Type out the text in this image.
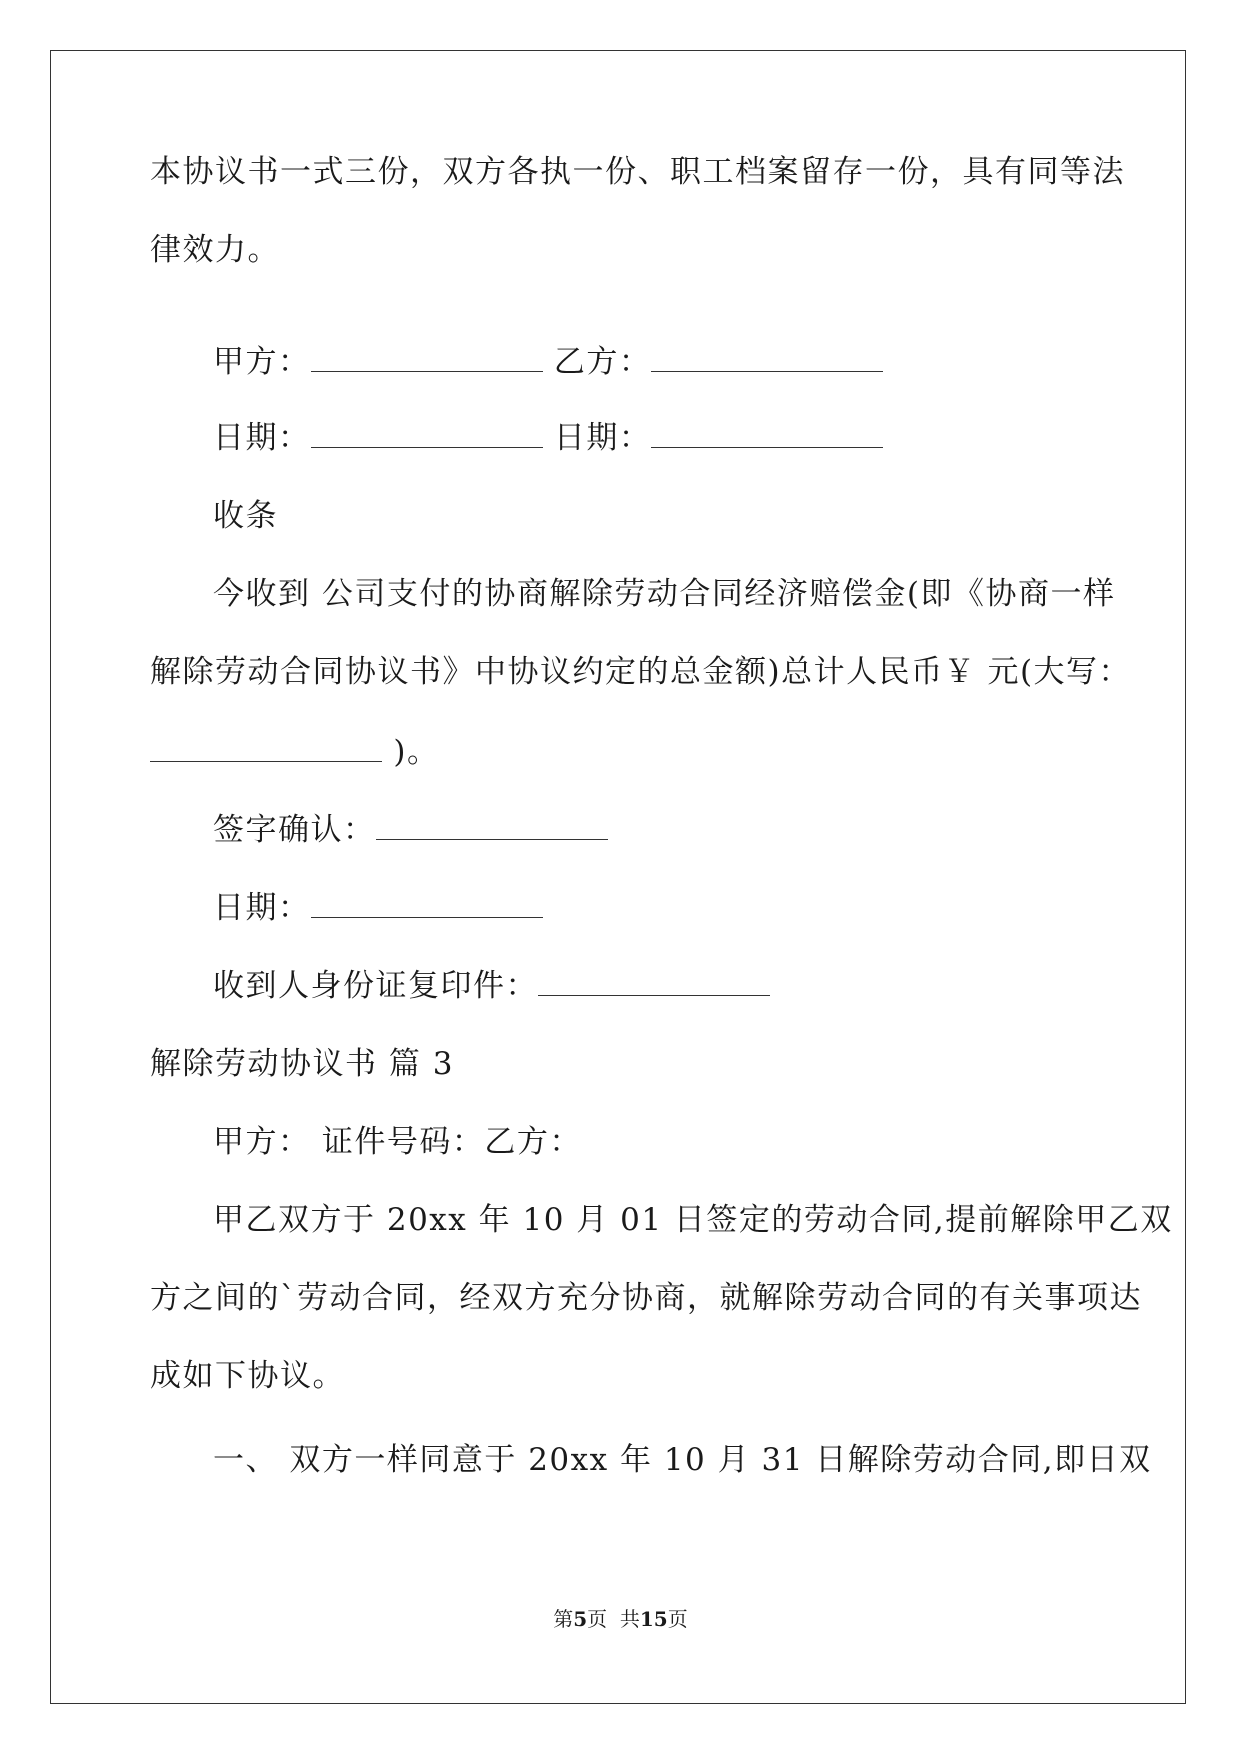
本协议书一式三份，双方各执一份、职工档案留存一份，具有同等法
律效力。
甲方：	乙方：
日期：	日期：
收条
今收到 公司支付的协商解除劳动合同经济赔偿金(即《协商一样
解除劳动合同协议书》中协议约定的总金额)总计人民币￥ 元(大写：
)。
签字确认：
日期：
收到人身份证复印件：
解除劳动协议书 篇 3
甲方： 证件号码：乙方：
甲乙双方于 20xx 年 10 月 01 日签定的劳动合同,提前解除甲乙双
方之间的`劳动合同，经双方充分协商，就解除劳动合同的有关事项达
成如下协议。
一、 双方一样同意于 20xx 年 10 月 31 日解除劳动合同,即日双
第5页  共15页
